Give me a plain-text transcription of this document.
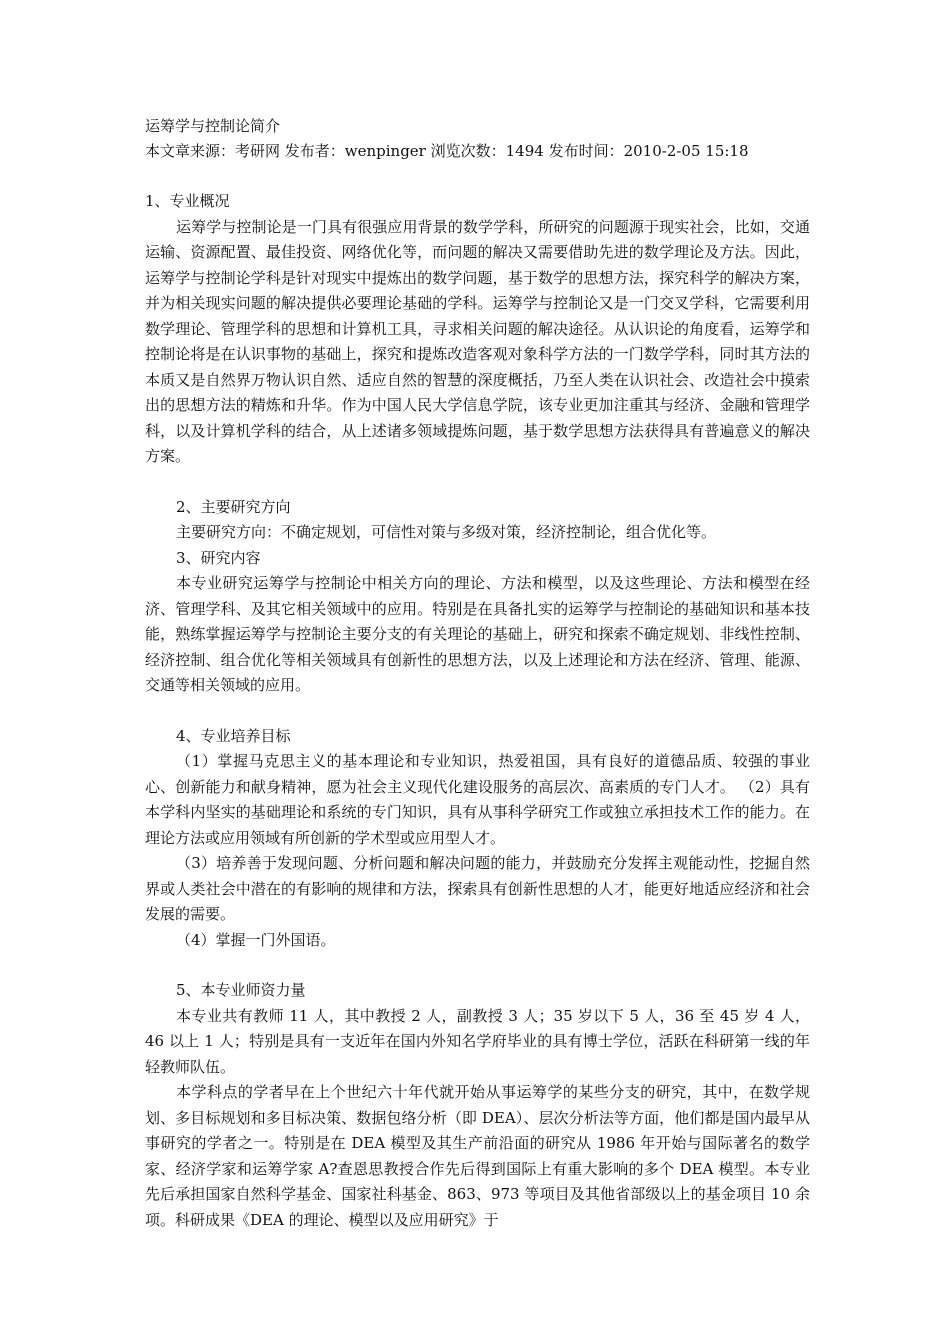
运筹学与控制论简介
本文章来源：考研网 发布者：wenpinger 浏览次数：1494 发布时间：2010-2-05 15:18

1、专业概况

运筹学与控制论是一门具有很强应用背景的数学学科，所研究的问题源于现实社会，比如，交通运输、资源配置、最佳投资、网络优化等，而问题的解决又需要借助先进的数学理论及方法。因此，运筹学与控制论学科是针对现实中提炼出的数学问题，基于数学的思想方法，探究科学的解决方案，并为相关现实问题的解决提供必要理论基础的学科。运筹学与控制论又是一门交叉学科，它需要利用数学理论、管理学科的思想和计算机工具，寻求相关问题的解决途径。从认识论的角度看，运筹学和控制论将是在认识事物的基础上，探究和提炼改造客观对象科学方法的一门数学学科，同时其方法的本质又是自然界万物认识自然、适应自然的智慧的深度概括，乃至人类在认识社会、改造社会中摸索出的思想方法的精炼和升华。作为中国人民大学信息学院，该专业更加注重其与经济、金融和管理学科，以及计算机学科的结合，从上述诸多领域提炼问题，基于数学思想方法获得具有普遍意义的解决方案。

2、主要研究方向

主要研究方向：不确定规划，可信性对策与多级对策，经济控制论，组合优化等。

3、研究内容

本专业研究运筹学与控制论中相关方向的理论、方法和模型，以及这些理论、方法和模型在经济、管理学科、及其它相关领域中的应用。特别是在具备扎实的运筹学与控制论的基础知识和基本技能，熟练掌握运筹学与控制论主要分支的有关理论的基础上，研究和探索不确定规划、非线性控制、经济控制、组合优化等相关领域具有创新性的思想方法，以及上述理论和方法在经济、管理、能源、交通等相关领域的应用。

4、专业培养目标

（1）掌握马克思主义的基本理论和专业知识，热爱祖国，具有良好的道德品质、较强的事业心、创新能力和献身精神，愿为社会主义现代化建设服务的高层次、高素质的专门人才。 （2）具有本学科内坚实的基础理论和系统的专门知识，具有从事科学研究工作或独立承担技术工作的能力。在理论方法或应用领域有所创新的学术型或应用型人才。

（3）培养善于发现问题、分析问题和解决问题的能力，并鼓励充分发挥主观能动性，挖掘自然界或人类社会中潜在的有影响的规律和方法，探索具有创新性思想的人才，能更好地适应经济和社会发展的需要。

（4）掌握一门外国语。

5、本专业师资力量

本专业共有教师 11 人，其中教授 2 人，副教授 3 人；35 岁以下 5 人，36 至 45 岁 4 人，46 以上 1 人；特别是具有一支近年在国内外知名学府毕业的具有博士学位，活跃在科研第一线的年轻教师队伍。

本学科点的学者早在上个世纪六十年代就开始从事运筹学的某些分支的研究，其中，在数学规划、多目标规划和多目标决策、数据包络分析（即 DEA）、层次分析法等方面，他们都是国内最早从事研究的学者之一。特别是在 DEA 模型及其生产前沿面的研究从 1986 年开始与国际著名的数学家、经济学家和运筹学家 A?查恩思教授合作先后得到国际上有重大影响的多个 DEA 模型。本专业先后承担国家自然科学基金、国家社科基金、863、973 等项目及其他省部级以上的基金项目 10 余项。科研成果《DEA 的理论、模型以及应用研究》于
